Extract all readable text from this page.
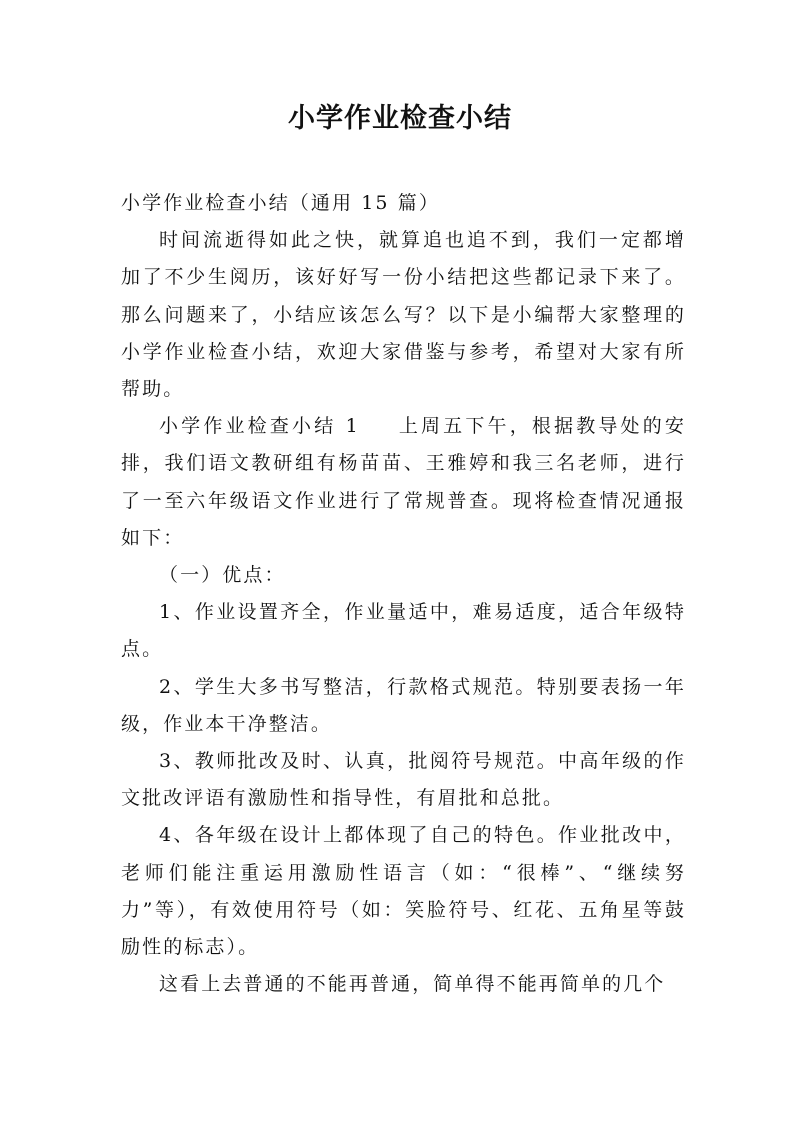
小学作业检查小结

小学作业检查小结（通用 15 篇）

时间流逝得如此之快，就算追也追不到，我们一定都增加了不少生阅历，该好好写一份小结把这些都记录下来了。那么问题来了，小结应该怎么写？以下是小编帮大家整理的小学作业检查小结，欢迎大家借鉴与参考，希望对大家有所帮助。

小学作业检查小结 1 上周五下午，根据教导处的安排，我们语文教研组有杨苗苗、王雅婷和我三名老师，进行了一至六年级语文作业进行了常规普查。现将检查情况通报如下：

（一）优点：

1、作业设置齐全，作业量适中，难易适度，适合年级特点。

2、学生大多书写整洁，行款格式规范。特别要表扬一年级，作业本干净整洁。

3、教师批改及时、认真，批阅符号规范。中高年级的作文批改评语有激励性和指导性，有眉批和总批。

4、各年级在设计上都体现了自己的特色。作业批改中，老师们能注重运用激励性语言（如：“很棒”、“继续努力”等），有效使用符号（如：笑脸符号、红花、五角星等鼓励性的标志）。

这看上去普通的不能再普通，简单得不能再简单的几个
